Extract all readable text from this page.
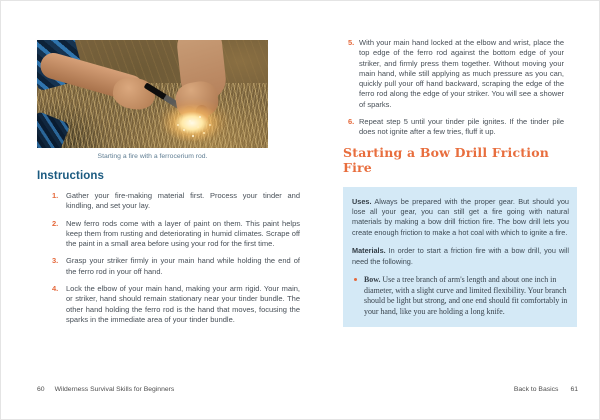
Starting a fire with a ferrocerium rod.
Instructions
1.	Gather your fire-making material first. Process your tinder and kindling, and set your lay.
2.	New ferro rods come with a layer of paint on them. This paint helps keep them from rusting and deteriorating in humid climates. Scrape off the paint in a small area before using your rod for the first time.
3.	Grasp your striker firmly in your main hand while holding the end of the ferro rod in your off hand.
4.	Lock the elbow of your main hand, making your arm rigid. Your main, or striker, hand should remain stationary near your tinder bundle. The other hand holding the ferro rod is the hand that moves, focusing the sparks in the immediate area of your tinder bundle.
60 Wilderness Survival Skills for Beginners
5. With your main hand locked at the elbow and wrist, place the top edge of the ferro rod against the bottom edge of your striker, and firmly press them together. Without moving your main hand, while still applying as much pressure as you can, quickly pull your off hand backward, scraping the edge of the ferro rod along the edge of your striker. You will see a shower of sparks.
6. Repeat step 5 until your tinder pile ignites. If the tinder pile does not ignite after a few tries, fluff it up.
Starting a Bow Drill Friction Fire
Uses. Always be prepared with the proper gear. But should you lose all your gear, you can still get a fire going with natural materials by making a bow drill friction fire. The bow drill lets you create enough friction to make a hot coal with which to ignite a fire.
Materials. In order to start a friction fire with a bow drill, you will need the following.
Bow. Use a tree branch of arm's length and about one inch in diameter, with a slight curve and limited flexibility. Your branch should be light but strong, and one end should fit comfortably in your hand, like you are holding a long knife.
Back to Basics 61
